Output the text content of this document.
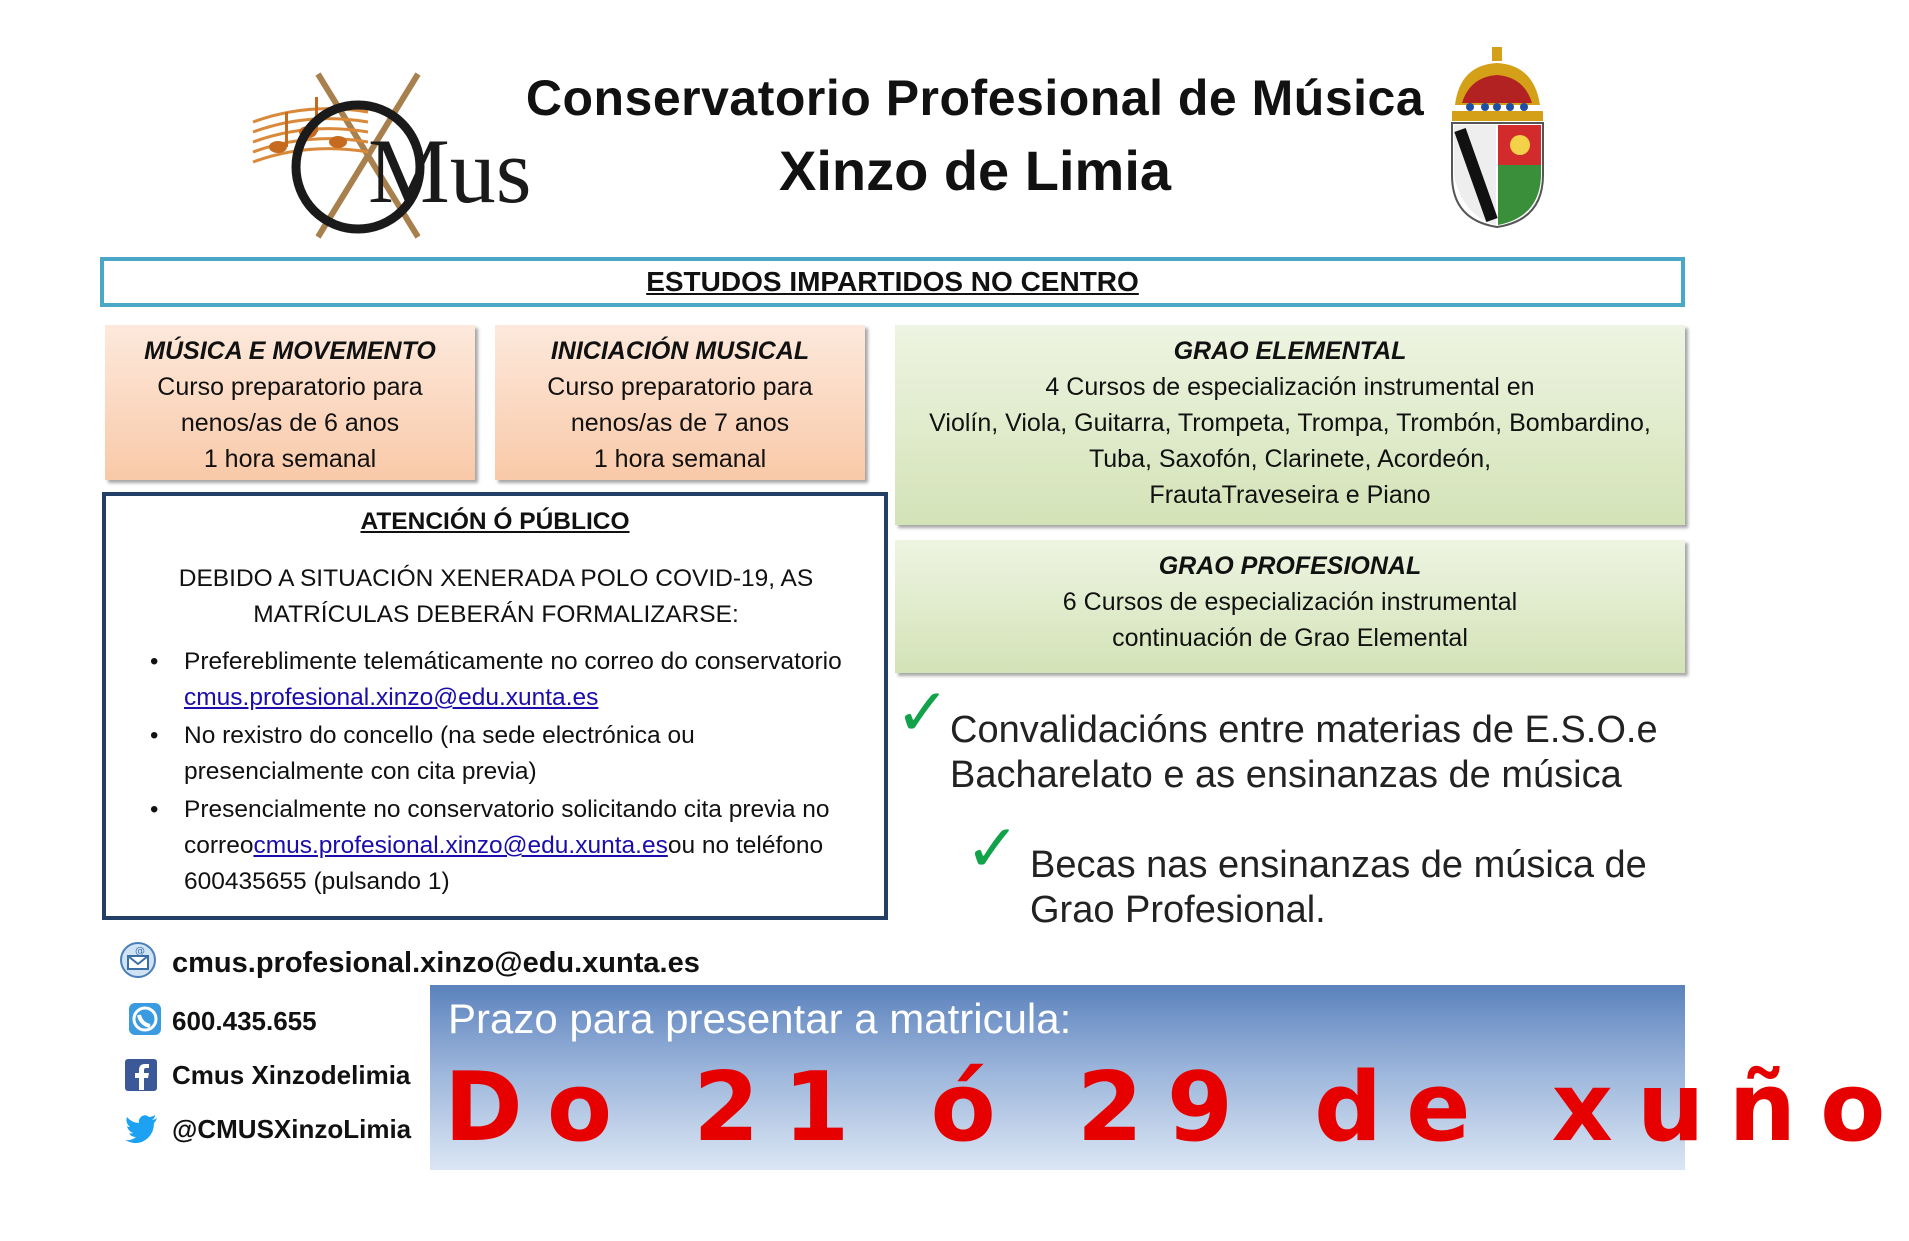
Mus
Conservatorio Profesional de Música
Xinzo de Limia
ESTUDOS IMPARTIDOS NO CENTRO
MÚSICA E MOVEMENTO
Curso preparatorio para
nenos/as de 6 anos
1 hora semanal
INICIACIÓN MUSICAL
Curso preparatorio para
nenos/as de 7 anos
1 hora semanal
GRAO ELEMENTAL
4 Cursos de especialización instrumental en
Violín, Viola, Guitarra, Trompeta, Trompa, Trombón, Bombardino,
Tuba, Saxofón, Clarinete, Acordeón,
FrautaTraveseira e Piano
GRAO PROFESIONAL
6 Cursos de especialización instrumental
continuación de Grao Elemental
ATENCIÓN Ó PÚBLICO
DEBIDO A SITUACIÓN XENERADA POLO COVID-19, AS MATRÍCULAS DEBERÁN FORMALIZARSE:
• Prefereblimente telemáticamente no correo do conservatorio cmus.profesional.xinzo@edu.xunta.es
• No rexistro do concello (na sede electrónica ou presencialmente con cita previa)
• Presencialmente no conservatorio solicitando cita previa no correocmus.profesional.xinzo@edu.xunta.esou no teléfono 600435655 (pulsando 1)
✓ Convalidacións entre materias de E.S.O.e Bacharelato e as ensinanzas de música
✓ Becas nas ensinanzas de música de Grao Profesional.
@ cmus.profesional.xinzo@edu.xunta.es
600.435.655
Cmus Xinzodelimia
@CMUSXinzoLimia
Prazo para presentar a matricula:
Do 21 ó 29 de xuño
